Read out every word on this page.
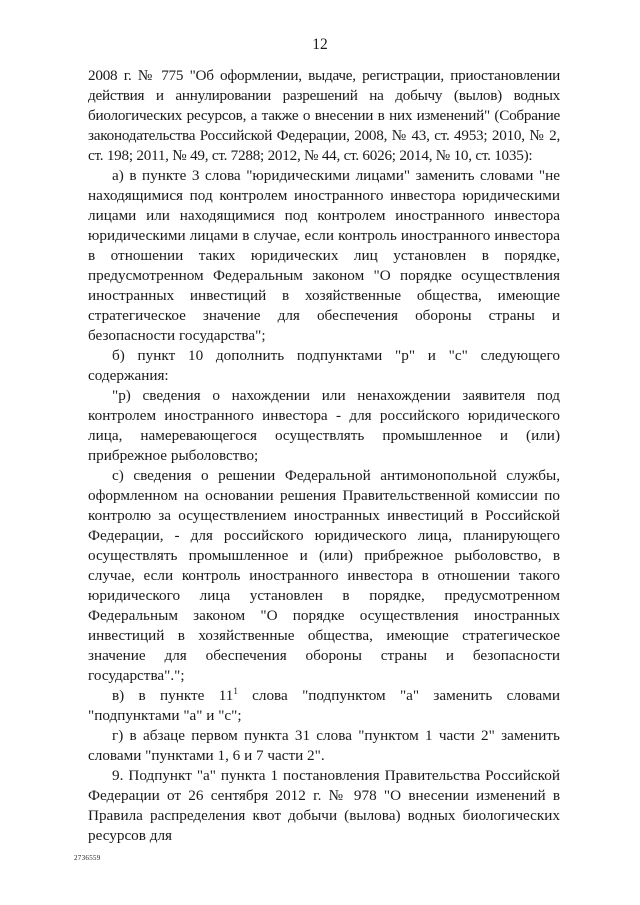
12

2008 г. № 775 "Об оформлении, выдаче, регистрации, приостановлении действия и аннулировании разрешений на добычу (вылов) водных биологических ресурсов, а также о внесении в них изменений" (Собрание законодательства Российской Федерации, 2008, № 43, ст. 4953; 2010, № 2, ст. 198; 2011, № 49, ст. 7288; 2012, № 44, ст. 6026; 2014, № 10, ст. 1035):

а) в пункте 3 слова "юридическими лицами" заменить словами "не находящимися под контролем иностранного инвестора юридическими лицами или находящимися под контролем иностранного инвестора юридическими лицами в случае, если контроль иностранного инвестора в отношении таких юридических лиц установлен в порядке, предусмотренном Федеральным законом "О порядке осуществления иностранных инвестиций в хозяйственные общества, имеющие стратегическое значение для обеспечения обороны страны и безопасности государства";

б) пункт 10 дополнить подпунктами "р" и "с" следующего содержания:

"р) сведения о нахождении или ненахождении заявителя под контролем иностранного инвестора - для российского юридического лица, намеревающегося осуществлять промышленное и (или) прибрежное рыболовство;

с) сведения о решении Федеральной антимонопольной службы, оформленном на основании решения Правительственной комиссии по контролю за осуществлением иностранных инвестиций в Российской Федерации, - для российского юридического лица, планирующего осуществлять промышленное и (или) прибрежное рыболовство, в случае, если контроль иностранного инвестора в отношении такого юридического лица установлен в порядке, предусмотренном Федеральным законом "О порядке осуществления иностранных инвестиций в хозяйственные общества, имеющие стратегическое значение для обеспечения обороны страны и безопасности государства".";

в) в пункте $11^1$ слова "подпунктом "а" заменить словами "подпунктами "а" и "с";

г) в абзаце первом пункта 31 слова "пунктом 1 части 2" заменить словами "пунктами 1, 6 и 7 части 2".

9. Подпункт "а" пункта 1 постановления Правительства Российской Федерации от 26 сентября 2012 г. № 978 "О внесении изменений в Правила распределения квот добычи (вылова) водных биологических ресурсов для

2736559
